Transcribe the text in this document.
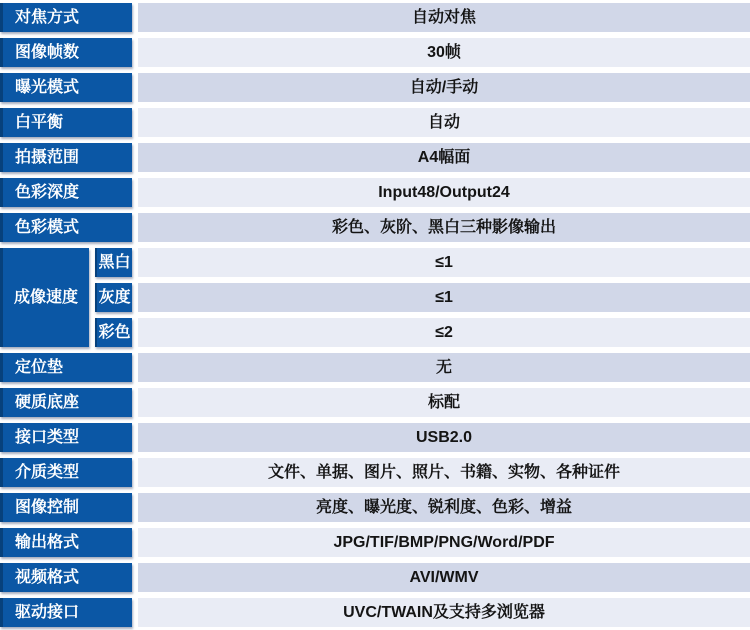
对焦方式	自动对焦
图像帧数	30帧
曝光模式	自动/手动
白平衡	自动
拍摄范围	A4幅面
色彩深度	Input48/Output24
色彩模式	彩色、灰阶、黑白三种影像输出
成像速度
黑白	≤1
灰度	≤1
彩色	≤2
定位垫	无
硬质底座	标配
接口类型	USB2.0
介质类型	文件、单据、图片、照片、书籍、实物、各种证件
图像控制	亮度、曝光度、锐利度、色彩、增益
输出格式	JPG/TIF/BMP/PNG/Word/PDF
视频格式	AVI/WMV
驱动接口	UVC/TWAIN及支持多浏览器
